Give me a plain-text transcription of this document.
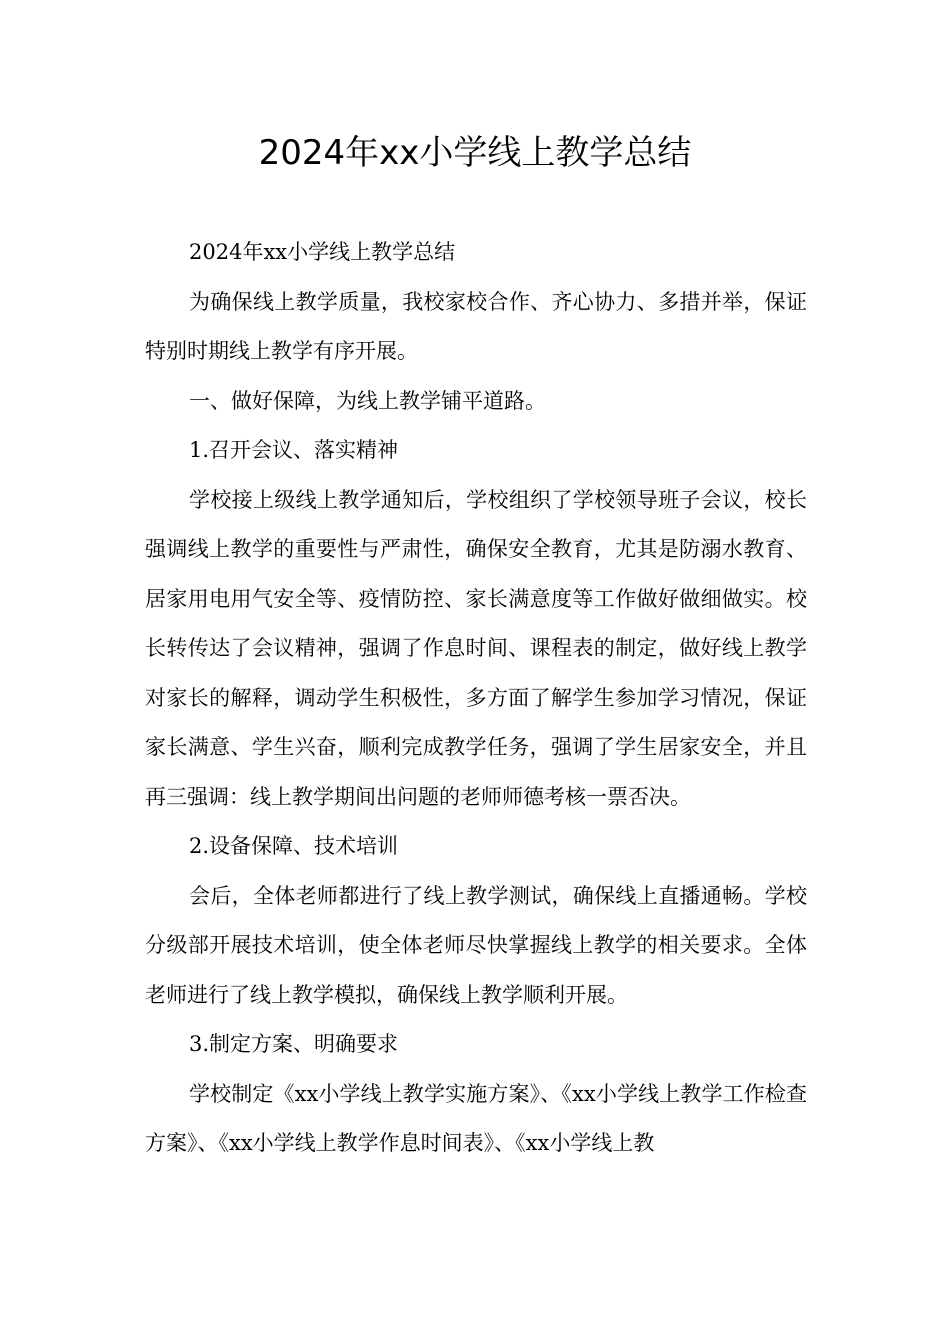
2024年xx小学线上教学总结

2024年xx小学线上教学总结

为确保线上教学质量，我校家校合作、齐心协力、多措并举，保证特别时期线上教学有序开展。

一、做好保障，为线上教学铺平道路。

1.召开会议、落实精神

学校接上级线上教学通知后，学校组织了学校领导班子会议，校长强调线上教学的重要性与严肃性，确保安全教育，尤其是防溺水教育、居家用电用气安全等、疫情防控、家长满意度等工作做好做细做实。校长转传达了会议精神，强调了作息时间、课程表的制定，做好线上教学对家长的解释，调动学生积极性，多方面了解学生参加学习情况，保证家长满意、学生兴奋，顺利完成教学任务，强调了学生居家安全，并且再三强调：线上教学期间出问题的老师师德考核一票否决。

2.设备保障、技术培训

会后，全体老师都进行了线上教学测试，确保线上直播通畅。学校分级部开展技术培训，使全体老师尽快掌握线上教学的相关要求。全体老师进行了线上教学模拟，确保线上教学顺利开展。

3.制定方案、明确要求

学校制定《xx小学线上教学实施方案》、《xx小学线上教学工作检查方案》、《xx小学线上教学作息时间表》、《xx小学线上教
